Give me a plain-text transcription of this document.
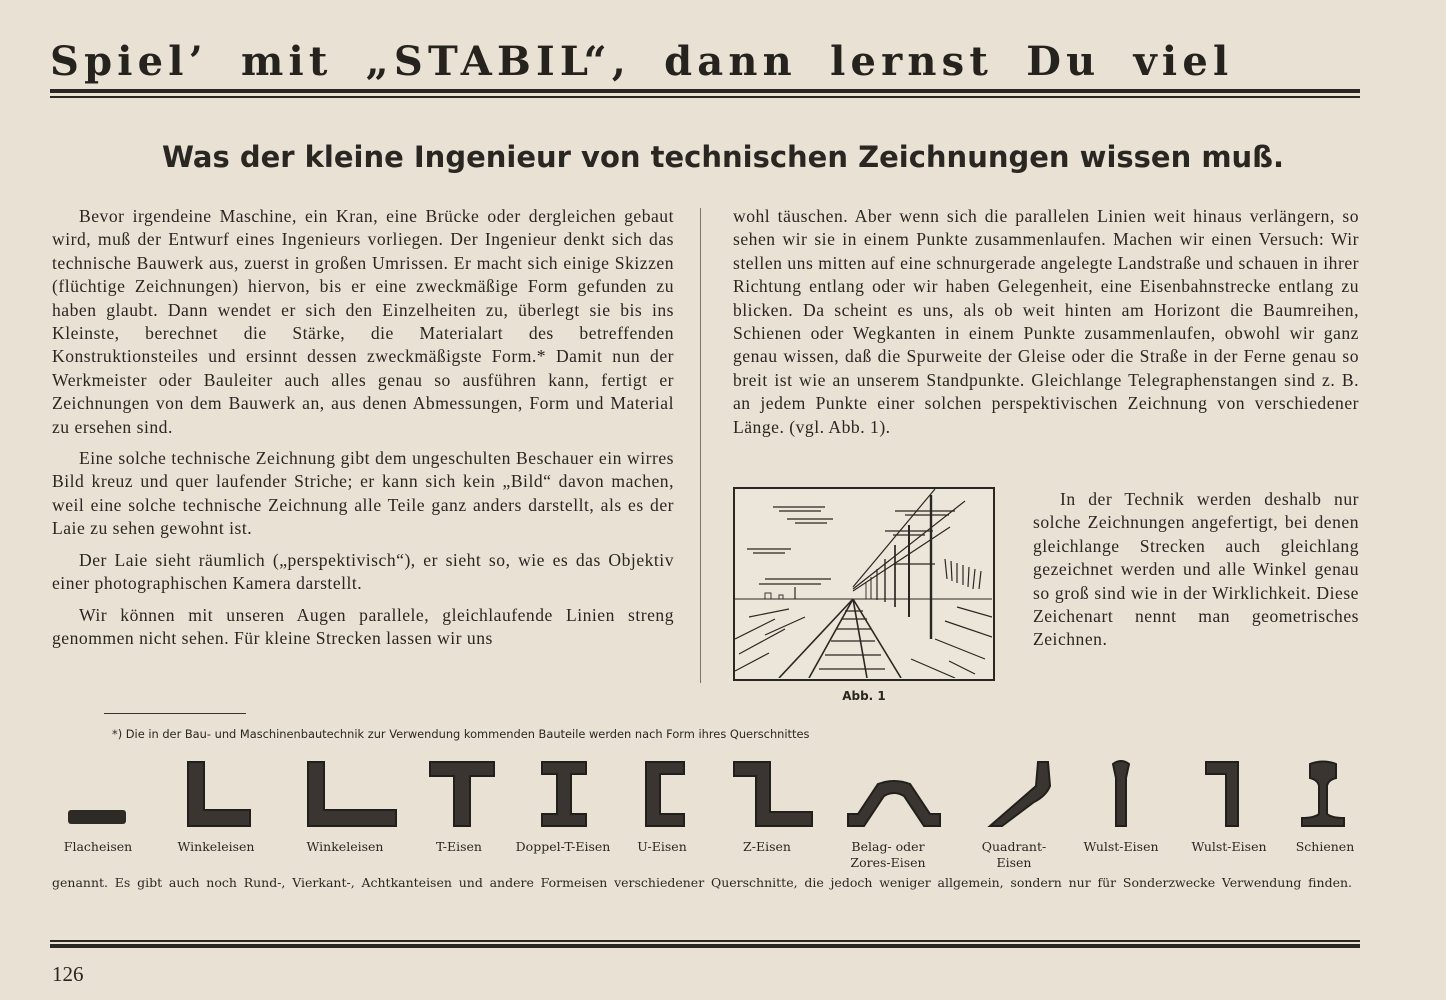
Spiel’ mit „STABIL“, dann lernst Du viel
Was der kleine Ingenieur von technischen Zeichnungen wissen muß.

Bevor irgendeine Maschine, ein Kran, eine Brücke oder dergleichen gebaut wird, muß der Entwurf eines Ingenieurs vorliegen. Der Ingenieur denkt sich das technische Bauwerk aus, zuerst in großen Umrissen. Er macht sich einige Skizzen (flüchtige Zeichnungen) hiervon, bis er eine zweckmäßige Form gefunden zu haben glaubt. Dann wendet er sich den Einzelheiten zu, überlegt sie bis ins Kleinste, berechnet die Stärke, die Materialart des betreffenden Konstruktionsteiles und ersinnt dessen zweckmäßigste Form.* Damit nun der Werkmeister oder Bauleiter auch alles genau so ausführen kann, fertigt er Zeichnungen von dem Bauwerk an, aus denen Abmessungen, Form und Material zu ersehen sind.

Eine solche technische Zeichnung gibt dem ungeschulten Beschauer ein wirres Bild kreuz und quer laufender Striche; er kann sich kein „Bild“ davon machen, weil eine solche technische Zeichnung alle Teile ganz anders darstellt, als es der Laie zu sehen gewohnt ist.

Der Laie sieht räumlich („perspektivisch“), er sieht so, wie es das Objektiv einer photographischen Kamera darstellt.

Wir können mit unseren Augen parallele, gleichlaufende Linien streng genommen nicht sehen. Für kleine Strecken lassen wir uns

wohl täuschen. Aber wenn sich die parallelen Linien weit hinaus verlängern, so sehen wir sie in einem Punkte zusammenlaufen. Machen wir einen Versuch: Wir stellen uns mitten auf eine schnurgerade angelegte Landstraße und schauen in ihrer Richtung entlang oder wir haben Gelegenheit, eine Eisenbahnstrecke entlang zu blicken. Da scheint es uns, als ob weit hinten am Horizont die Baumreihen, Schienen oder Wegkanten in einem Punkte zusammenlaufen, obwohl wir ganz genau wissen, daß die Spurweite der Gleise oder die Straße in der Ferne genau so breit ist wie an unserem Standpunkte. Gleichlange Telegraphenstangen sind z. B. an jedem Punkte einer solchen perspektivischen Zeichnung von verschiedener Länge. (vgl. Abb. 1).

Abb. 1

In der Technik werden deshalb nur solche Zeichnungen angefertigt, bei denen gleichlange Strecken auch gleichlang gezeichnet werden und alle Winkel genau so groß sind wie in der Wirklichkeit. Diese Zeichenart nennt man geometrisches Zeichnen.

*) Die in der Bau- und Maschinenbautechnik zur Verwendung kommenden Bauteile werden nach Form ihres Querschnittes
Flacheisen	Winkeleisen	Winkeleisen	T-Eisen	Doppel-T-Eisen U-Eisen	Z-Eisen	Belag- oder Zores-Eisen
Quadrant-Eisen
Wulst-Eisen	Wulst-Eisen Schienen
genannt. Es gibt auch noch Rund-, Vierkant-, Achtkanteisen und andere Formeisen verschiedener Querschnitte, die jedoch weniger allgemein, sondern nur für Sonderzwecke Verwendung finden.
126
